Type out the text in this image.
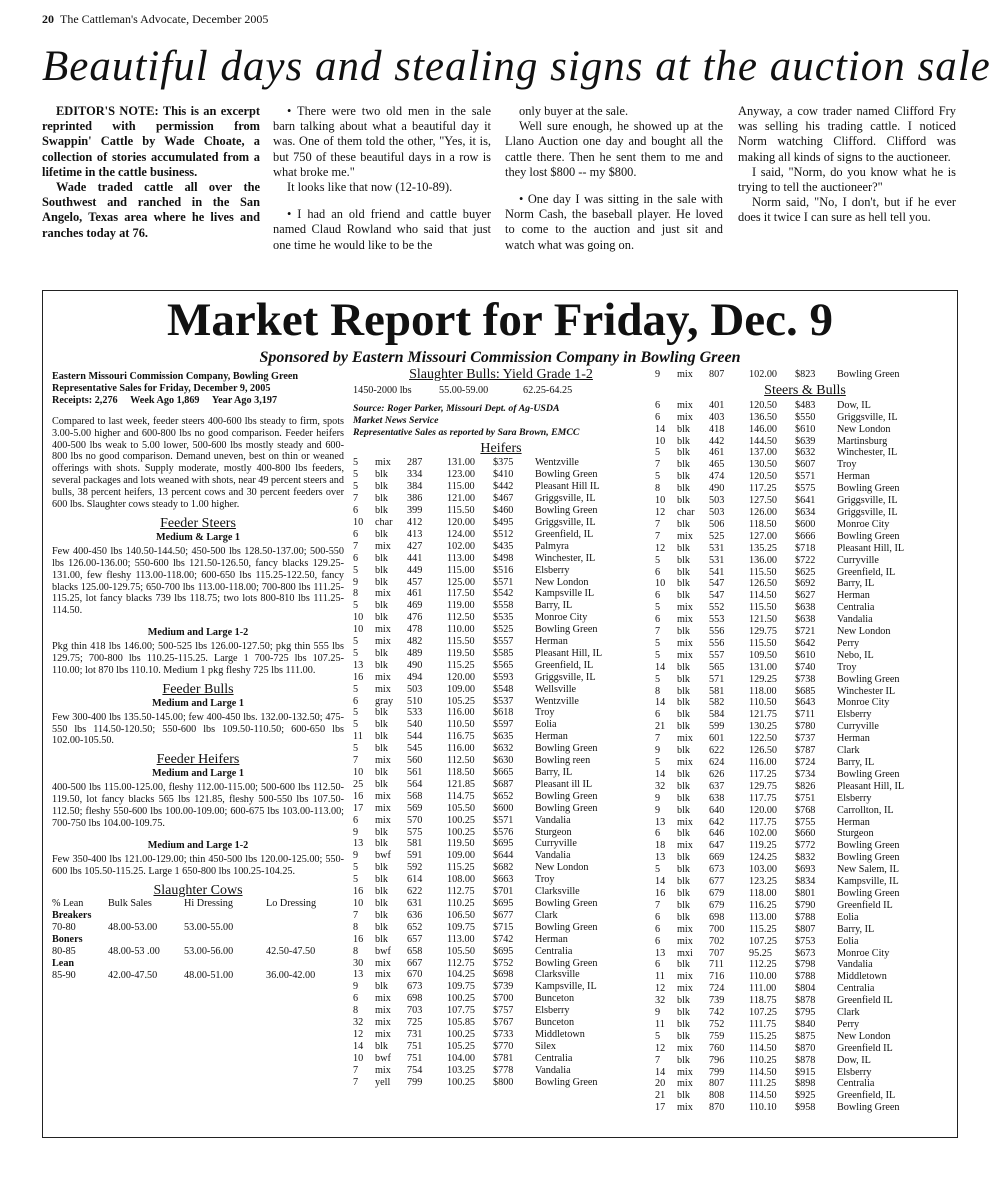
20 The Cattleman's Advocate, December 2005
Beautiful days and stealing signs at the auction sale

EDITOR'S NOTE: This is an excerpt reprinted with permission from Swappin' Cattle by Wade Choate, a collection of stories accumulated from a lifetime in the cattle business.

Wade traded cattle all over the Southwest and ranched in the San Angelo, Texas area where he lives and ranches today at 76.

• There were two old men in the sale barn talking about what a beautiful day it was. One of them told the other, "Yes, it is, but 750 of these beautiful days in a row is what broke me."

It looks like that now (12-10-89).

• I had an old friend and cattle buyer named Claud Rowland who said that just one time he would like to be the

only buyer at the sale.

Well sure enough, he showed up at the Llano Auction one day and bought all the cattle there. Then he sent them to me and they lost $800 -- my $800.

• One day I was sitting in the sale with Norm Cash, the baseball player. He loved to come to the auction and just sit and watch what was going on.

Anyway, a cow trader named Clifford Fry was selling his trading cattle. I noticed Norm watching Clifford. Clifford was making all kinds of signs to the auctioneer.

I said, "Norm, do you know what he is trying to tell the auctioneer?"

Norm said, "No, I don't, but if he ever does it twice I can sure as hell tell you.

Market Report for Friday, Dec. 9
Sponsored by Eastern Missouri Commission Company in Bowling Green
Eastern Missouri Commission Company, Bowling Green
Representative Sales for Friday, December 9, 2005
Receipts: 2,276     Week Ago 1,869     Year Ago 3,197

Compared to last week, feeder steers 400-600 lbs steady to firm, spots 3.00-5.00 higher and 600-800 lbs no good comparison. Feeder heifers 400-500 lbs weak to 5.00 lower, 500-600 lbs mostly steady and 600-800 lbs no good comparison. Demand uneven, best on thin or weaned offerings with shots. Supply moderate, mostly 400-800 lbs feeders, several packages and lots weaned with shots, near 49 percent steers and bulls, 38 percent heifers, 13 percent cows and 30 percent feeders over 600 lbs. Slaughter cows steady to 1.00 higher.

Feeder Steers
Medium & Large 1

Few 400-450 lbs 140.50-144.50; 450-500 lbs 128.50-137.00; 500-550 lbs 126.00-136.00; 550-600 lbs 121.50-126.50, fancy blacks 129.25-131.00, few fleshy 113.00-118.00; 600-650 lbs 115.25-122.50, fancy blacks 125.00-129.75; 650-700 lbs 113.00-118.00; 700-800 lbs 111.25-115.25, lot fancy blacks 739 lbs 118.75; two lots 800-810 lbs 111.25-114.50.

Medium and Large 1-2

Pkg thin 418 lbs 146.00; 500-525 lbs 126.00-127.50; pkg thin 555 lbs 129.75; 700-800 lbs 110.25-115.25. Large 1 700-725 lbs 107.25-110.00; lot 870 lbs 110.10. Medium 1 pkg fleshy 725 lbs 111.00.

Feeder Bulls
Medium and Large 1

Few 300-400 lbs 135.50-145.00; few 400-450 lbs. 132.00-132.50; 475-550 lbs 114.50-120.50; 550-600 lbs 109.50-110.50; 600-650 lbs 102.00-105.50.

Feeder Heifers
Medium and Large 1

400-500 lbs 115.00-125.00, fleshy 112.00-115.00; 500-600 lbs 112.50-119.50, lot fancy blacks 565 lbs 121.85, fleshy 500-550 lbs 107.50-112.50; fleshy 550-600 lbs 100.00-109.00; 600-675 lbs 103.00-113.00; 700-750 lbs 104.00-109.75.

Medium and Large 1-2

Few 350-400 lbs 121.00-129.00; thin 450-500 lbs 120.00-125.00; 550-600 lbs 105.50-115.25. Large 1 650-800 lbs 100.25-104.25.

Slaughter Cows
% Lean	Bulk Sales	Hi Dressing	Lo Dressing
Breakers
70-80	48.00-53.00	53.00-55.00
Boners
80-85	48.00-53 .00	53.00-56.00	42.50-47.50
Lean
85-90	42.00-47.50	48.00-51.00	36.00-42.00
Slaughter Bulls: Yield Grade 1-2
1450-2000 lbs	55.00-59.00	62.25-64.25
Source: Roger Parker, Missouri Dept. of Ag-USDA
Market News Service
Representative Sales as reported by Sara Brown, EMCC
Heifers
5	mix	287	131.00	$375	Wentzville
5	blk	334	123.00	$410	Bowling Green
5	blk	384	115.00	$442	Pleasant Hill IL
7	blk	386	121.00	$467	Griggsville, IL
6	blk	399	115.50	$460	Bowling Green
10	char	412	120.00	$495	Griggsville, IL
6	blk	413	124.00	$512	Greenfield, IL
7	mix	427	102.00	$435	Palmyra
6	blk	441	113.00	$498	Winchester, IL
5	blk	449	115.00	$516	Elsberry
9	blk	457	125.00	$571	New London
8	mix	461	117.50	$542	Kampsville IL
5	blk	469	119.00	$558	Barry, IL
10	blk	476	112.50	$535	Monroe City
10	mix	478	110.00	$525	Bowling Green
5	mix	482	115.50	$557	Herman
5	blk	489	119.50	$585	Pleasant Hill, IL
13	blk	490	115.25	$565	Greenfield, IL
16	mix	494	120.00	$593	Griggsville, IL
5	mix	503	109.00	$548	Wellsville
6	gray	510	105.25	$537	Wentzville
5	blk	533	116.00	$618	Troy
5	blk	540	110.50	$597	Eolia
11	blk	544	116.75	$635	Herman
5	blk	545	116.00	$632	Bowling Green
7	mix	560	112.50	$630	Bowling reen
10	blk	561	118.50	$665	Barry, IL
25	blk	564	121.85	$687	Pleasant ill IL
16	mix	568	114.75	$652	Bowling Green
17	mix	569	105.50	$600	Bowling Green
6	mix	570	100.25	$571	Vandalia
9	blk	575	100.25	$576	Sturgeon
13	blk	581	119.50	$695	Curryville
9	bwf	591	109.00	$644	Vandalia
5	blk	592	115.25	$682	New London
5	blk	614	108.00	$663	Troy
16	blk	622	112.75	$701	Clarksville
10	blk	631	110.25	$695	Bowling Green
7	blk	636	106.50	$677	Clark
8	blk	652	109.75	$715	Bowling Green
16	blk	657	113.00	$742	Herman
8	bwf	658	105.50	$695	Centralia
30	mix	667	112.75	$752	Bowling Green
13	mix	670	104.25	$698	Clarksville
9	blk	673	109.75	$739	Kampsville, IL
6	mix	698	100.25	$700	Bunceton
8	mix	703	107.75	$757	Elsberry
32	mix	725	105.85	$767	Bunceton
12	mix	731	100.25	$733	Middletown
14	blk	751	105.25	$770	Silex
10	bwf	751	104.00	$781	Centralia
7	mix	754	103.25	$778	Vandalia
7	yell	799	100.25	$800	Bowling Green
9	mix	807	102.00	$823	Bowling Green
Steers & Bulls
6	mix	401	120.50	$483	Dow, IL
6	mix	403	136.50	$550	Griggsville, IL
14	blk	418	146.00	$610	New London
10	blk	442	144.50	$639	Martinsburg
5	blk	461	137.00	$632	Winchester, IL
7	blk	465	130.50	$607	Troy
5	blk	474	120.50	$571	Herman
8	blk	490	117.25	$575	Bowling Green
10	blk	503	127.50	$641	Griggsville, IL
12	char	503	126.00	$634	Griggsville, IL
7	blk	506	118.50	$600	Monroe City
7	mix	525	127.00	$666	Bowling Green
12	blk	531	135.25	$718	Pleasant Hill, IL
5	blk	531	136.00	$722	Curryville
6	blk	541	115.50	$625	Greenfield, IL
10	blk	547	126.50	$692	Barry, IL
6	blk	547	114.50	$627	Herman
5	mix	552	115.50	$638	Centralia
6	mix	553	121.50	$638	Vandalia
7	blk	556	129.75	$721	New London
5	mix	556	115.50	$642	Perry
5	mix	557	109.50	$610	Nebo, IL
14	blk	565	131.00	$740	Troy
5	blk	571	129.25	$738	Bowling Green
8	blk	581	118.00	$685	Winchester IL
14	blk	582	110.50	$643	Monroe City
6	blk	584	121.75	$711	Elsberry
21	blk	599	130.25	$780	Curryville
7	mix	601	122.50	$737	Herman
9	blk	622	126.50	$787	Clark
5	mix	624	116.00	$724	Barry, IL
14	blk	626	117.25	$734	Bowling Green
32	blk	637	129.75	$826	Pleasant Hill, IL
9	blk	638	117.75	$751	Elsberry
9	blk	640	120.00	$768	Carrollton, IL
13	mix	642	117.75	$755	Herman
6	blk	646	102.00	$660	Sturgeon
18	mix	647	119.25	$772	Bowling Green
13	blk	669	124.25	$832	Bowling Green
5	blk	673	103.00	$693	New Salem, IL
14	blk	677	123.25	$834	Kampsville, IL
16	blk	679	118.00	$801	Bowling Green
7	blk	679	116.25	$790	Greenfield IL
6	blk	698	113.00	$788	Eolia
6	mix	700	115.25	$807	Barry, IL
6	mix	702	107.25	$753	Eolia
13	mxi	707	95.25	$673	Monroe City
6	blk	711	112.25	$798	Vandalia
11	mix	716	110.00	$788	Middletown
12	mix	724	111.00	$804	Centralia
32	blk	739	118.75	$878	Greenfield IL
9	blk	742	107.25	$795	Clark
11	blk	752	111.75	$840	Perry
5	blk	759	115.25	$875	New London
12	mix	760	114.50	$870	Greenfield IL
7	blk	796	110.25	$878	Dow, IL
14	mix	799	114.50	$915	Elsberry
20	mix	807	111.25	$898	Centralia
21	blk	808	114.50	$925	Greenfield, IL
17	mix	870	110.10	$958	Bowling Green
